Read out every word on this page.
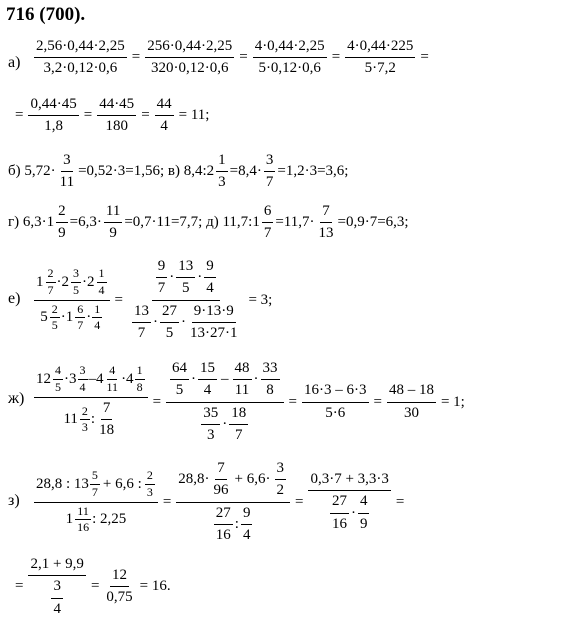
716 (700).
$а) \frac{2,56\cdot 0,44\cdot 2,25}{3,2\cdot 0,12\cdot 0,6} = \frac{256\cdot 0,44\cdot 2,25}{320\cdot 0,12\cdot 0,6} = \frac{4\cdot 0,44\cdot 2,25}{5\cdot 0,12\cdot 0,6} = \frac{4\cdot 0,44\cdot 225}{5\cdot 7,2}$ =
= $\frac{0,44\cdot 45}{1,8} = \frac{44\cdot 45}{180} = \frac{44}{4} = 11$;
б) $5,72\cdot \frac{3}{11} =0,52\cdot 3=1,56$; в) 8,4:2 $\frac{1}{3} =8,4\cdot \frac{3}{7} =1,2\cdot 3=3,6$;
г) $6,3\cdot 1 \frac{2}{9} =6,3\cdot \frac{11}{9} =0,7\cdot 11=7,7$; д) 11,7:1 $\frac{6}{7} =11,7\cdot \frac{7}{13} =0,9\cdot 7=6,3$;
е) 1
2
7
· 2
3
5
· 2
1
4
5
2
5
· 1
6
7
·
1
4 = 9
7
·
13
5
·
9
4
13
7
·
27
5
·
9·13·9
13·27·1 = 3;
ж) 12
4
5
·3
3
4
–4
4
11
·4
1
8
11
2
3
:
7
18 = 64
5
·
15
4
–
48
11
·
33
8
35
3
·
18
$7 = \frac{16\cdot 3 - 6\cdot 3}{5\cdot 6} = \frac{48 - 18}{30} = 1$;
з) 28,8 : 13
5
7
+ 6,6 :
2
3
1
11
16
: 2,25 = 28,8·
7
96
+ 6,6·
3
2
27
16
:
9
4 = 0,3·7 + 3,3·3
27
16
·
4
9 =
= 2,1 + 9,9
3
$4 = \frac{12}{0,75} = 16$.
